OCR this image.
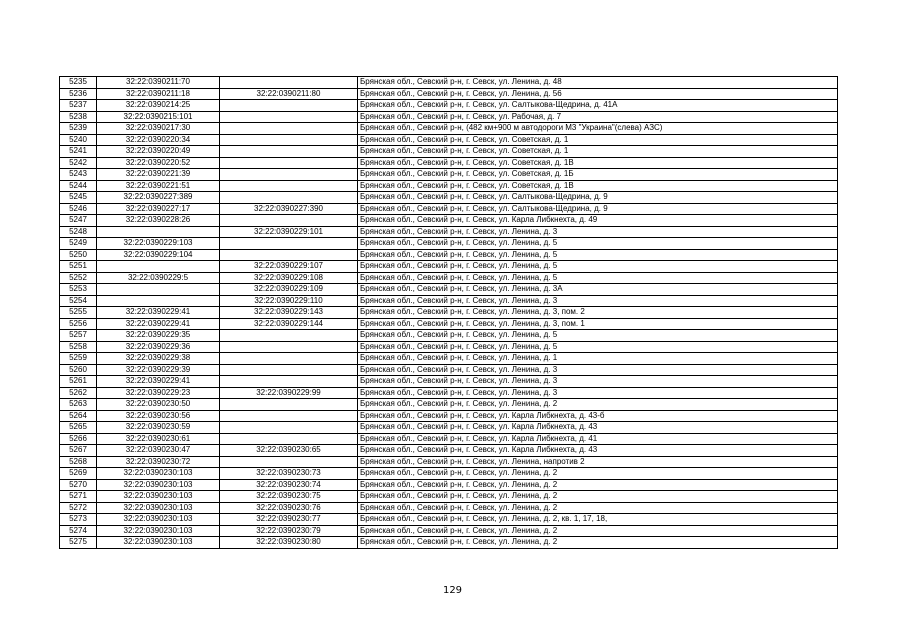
5235	32:22:0390211:70		Брянская обл., Севский р-н, г. Севск, ул. Ленина, д. 48
5236	32:22:0390211:18	32:22:0390211:80	Брянская обл., Севский р-н, г. Севск, ул. Ленина, д. 56
5237	32:22:0390214:25		Брянская обл., Севский р-н, г. Севск, ул. Салтыкова-Щедрина, д. 41А
5238	32:22:0390215:101		Брянская обл., Севский р-н, г. Севск, ул. Рабочая, д. 7
5239	32:22:0390217:30		Брянская обл., Севский р-н, (482 км+900 м автодороги М3 "Украина"(слева) АЗС)
5240	32:22:0390220:34		Брянская обл., Севский р-н, г. Севск, ул. Советская, д. 1
5241	32:22:0390220:49		Брянская обл., Севский р-н, г. Севск, ул. Советская, д. 1
5242	32:22:0390220:52		Брянская обл., Севский р-н, г. Севск, ул. Советская, д. 1В
5243	32:22:0390221:39		Брянская обл., Севский р-н, г. Севск, ул. Советская, д. 1Б
5244	32:22:0390221:51		Брянская обл., Севский р-н, г. Севск, ул. Советская, д. 1В
5245	32:22:0390227:389		Брянская обл., Севский р-н, г. Севск, ул. Салтыкова-Щедрина, д. 9
5246	32:22:0390227:17	32:22:0390227:390	Брянская обл., Севский р-н, г. Севск, ул. Салтыкова-Щедрина, д. 9
5247	32:22:0390228:26		Брянская обл., Севский р-н, г. Севск, ул. Карла Либкнехта, д. 49
5248		32:22:0390229:101	Брянская обл., Севский р-н, г. Севск, ул. Ленина, д. 3
5249	32:22:0390229:103		Брянская обл., Севский р-н, г. Севск, ул. Ленина, д. 5
5250	32:22:0390229:104		Брянская обл., Севский р-н, г. Севск, ул. Ленина, д. 5
5251		32:22:0390229:107	Брянская обл., Севский р-н, г. Севск, ул. Ленина, д. 5
5252	32:22:0390229:5	32:22:0390229:108	Брянская обл., Севский р-н, г. Севск, ул. Ленина, д. 5
5253		32:22:0390229:109	Брянская обл., Севский р-н, г. Севск, ул. Ленина, д. 3А
5254		32:22:0390229:110	Брянская обл., Севский р-н, г. Севск, ул. Ленина, д. 3
5255	32:22:0390229:41	32:22:0390229:143	Брянская обл., Севский р-н, г. Севск, ул. Ленина, д. 3, пом. 2
5256	32:22:0390229:41	32:22:0390229:144	Брянская обл., Севский р-н, г. Севск, ул. Ленина, д. 3, пом. 1
5257	32:22:0390229:35		Брянская обл., Севский р-н, г. Севск, ул. Ленина, д. 5
5258	32:22:0390229:36		Брянская обл., Севский р-н, г. Севск, ул. Ленина, д. 5
5259	32:22:0390229:38		Брянская обл., Севский р-н, г. Севск, ул. Ленина, д. 1
5260	32:22:0390229:39		Брянская обл., Севский р-н, г. Севск, ул. Ленина, д. 3
5261	32:22:0390229:41		Брянская обл., Севский р-н, г. Севск, ул. Ленина, д. 3
5262	32:22:0390229:23	32:22:0390229:99	Брянская обл., Севский р-н, г. Севск, ул. Ленина, д. 3
5263	32:22:0390230:50		Брянская обл., Севский р-н, г. Севск, ул. Ленина, д. 2
5264	32:22:0390230:56		Брянская обл., Севский р-н, г. Севск, ул. Карла Либкнехта, д. 43-б
5265	32:22:0390230:59		Брянская обл., Севский р-н, г. Севск, ул. Карла Либкнехта, д. 43
5266	32:22:0390230:61		Брянская обл., Севский р-н, г. Севск, ул. Карла Либкнехта, д. 41
5267	32:22:0390230:47	32:22:0390230:65	Брянская обл., Севский р-н, г. Севск, ул. Карла Либкнехта, д. 43
5268	32:22:0390230:72		Брянская обл., Севский р-н, г. Севск, ул. Ленина, напротив 2
5269	32:22:0390230:103	32:22:0390230:73	Брянская обл., Севский р-н, г. Севск, ул. Ленина, д. 2
5270	32:22:0390230:103	32:22:0390230:74	Брянская обл., Севский р-н, г. Севск, ул. Ленина, д. 2
5271	32:22:0390230:103	32:22:0390230:75	Брянская обл., Севский р-н, г. Севск, ул. Ленина, д. 2
5272	32:22:0390230:103	32:22:0390230:76	Брянская обл., Севский р-н, г. Севск, ул. Ленина, д. 2
5273	32:22:0390230:103	32:22:0390230:77	Брянская обл., Севский р-н, г. Севск, ул. Ленина, д. 2, кв. 1, 17, 18,
5274	32:22:0390230:103	32:22:0390230:79	Брянская обл., Севский р-н, г. Севск, ул. Ленина, д. 2
5275	32:22:0390230:103	32:22:0390230:80	Брянская обл., Севский р-н, г. Севск, ул. Ленина, д. 2
129
